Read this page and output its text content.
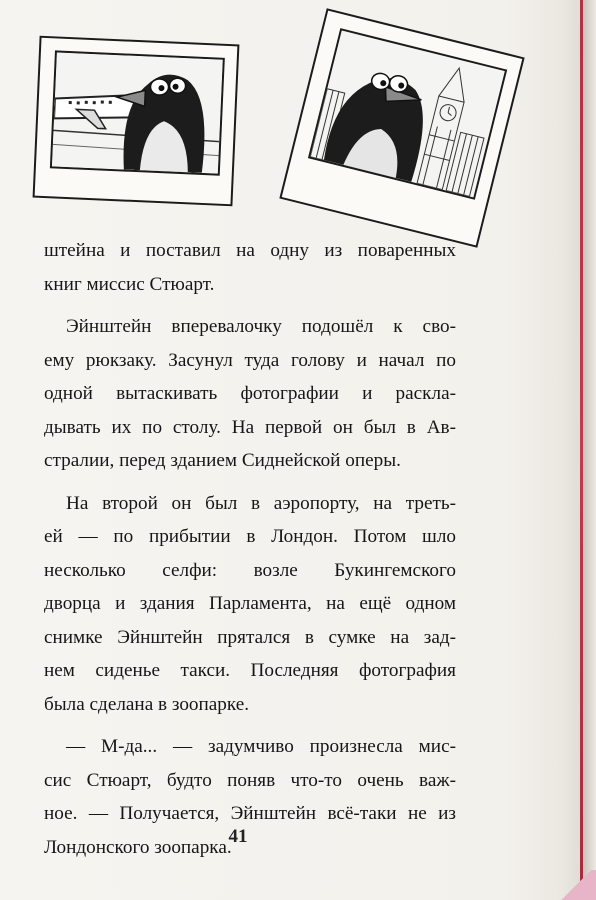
штейна и поставил на одну из поваренных
книг миссис Стюарт.

Эйнштейн вперевалочку подошёл к сво-
ему рюкзаку. Засунул туда голову и начал по
одной вытаскивать фотографии и раскла-
дывать их по столу. На первой он был в Ав-
стралии, перед зданием Сиднейской оперы.

На второй он был в аэропорту, на треть-
ей — по прибытии в Лондон. Потом шло
несколько селфи: возле Букингемского
дворца и здания Парламента, на ещё одном
снимке Эйнштейн прятался в сумке на зад-
нем сиденье такси. Последняя фотография
была сделана в зоопарке.

— М-да... — задумчиво произнесла мис-
сис Стюарт, будто поняв что-то очень важ-
ное. — Получается, Эйнштейн всё-таки не из
Лондонского зоопарка.

41
